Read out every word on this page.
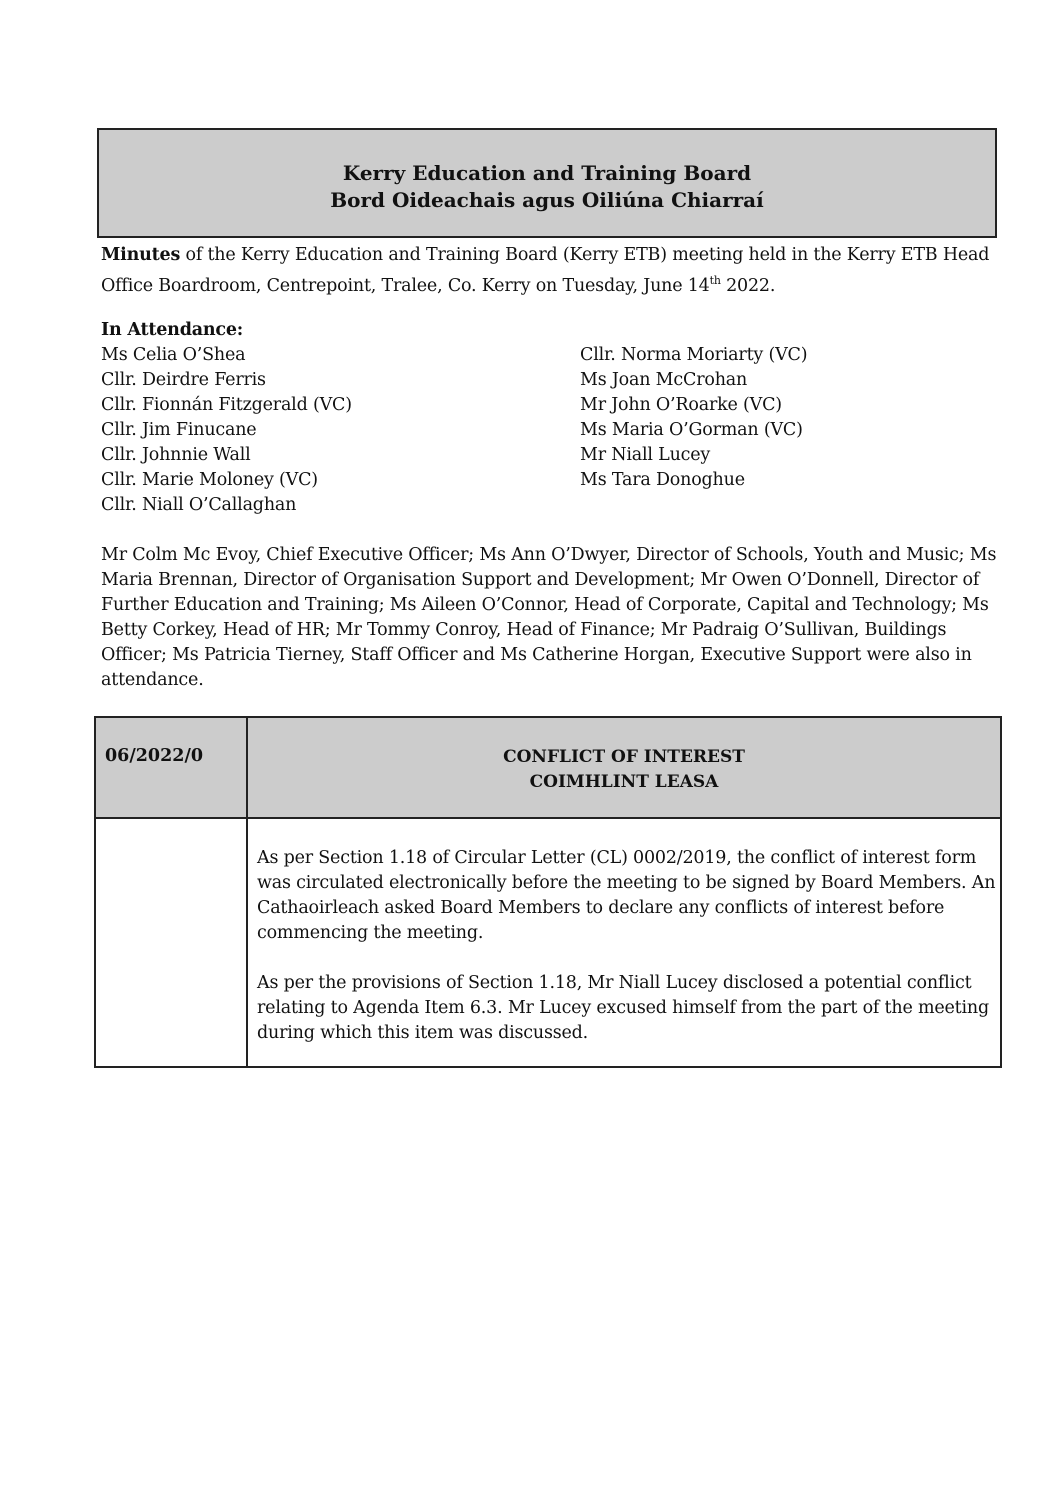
Kerry Education and Training Board
Bord Oideachais agus Oiliúna Chiarraí
Minutes of the Kerry Education and Training Board (Kerry ETB) meeting held in the Kerry ETB Head Office Boardroom, Centrepoint, Tralee, Co. Kerry on Tuesday, June 14th 2022.
In Attendance:
Ms Celia O’Shea
Cllr. Deirdre Ferris
Cllr. Fionnán Fitzgerald (VC)
Cllr. Jim Finucane
Cllr. Johnnie Wall
Cllr. Marie Moloney (VC)
Cllr. Niall O’Callaghan
Cllr. Norma Moriarty (VC)
Ms Joan McCrohan
Mr John O’Roarke (VC)
Ms Maria O’Gorman (VC)
Mr Niall Lucey
Ms Tara Donoghue
Mr Colm Mc Evoy, Chief Executive Officer; Ms Ann O’Dwyer, Director of Schools, Youth and Music; Ms Maria Brennan, Director of Organisation Support and Development; Mr Owen O’Donnell, Director of Further Education and Training; Ms Aileen O’Connor, Head of Corporate, Capital and Technology; Ms Betty Corkey, Head of HR; Mr Tommy Conroy, Head of Finance; Mr Padraig O’Sullivan, Buildings Officer; Ms Patricia Tierney, Staff Officer and Ms Catherine Horgan, Executive Support were also in attendance.
06/2022/0	CONFLICT OF INTEREST
COIMHLINT LEASA

As per Section 1.18 of Circular Letter (CL) 0002/2019, the conflict of interest form was circulated electronically before the meeting to be signed by Board Members. An Cathaoirleach asked Board Members to declare any conflicts of interest before commencing the meeting.

As per the provisions of Section 1.18, Mr Niall Lucey disclosed a potential conflict relating to Agenda Item 6.3. Mr Lucey excused himself from the part of the meeting during which this item was discussed.
